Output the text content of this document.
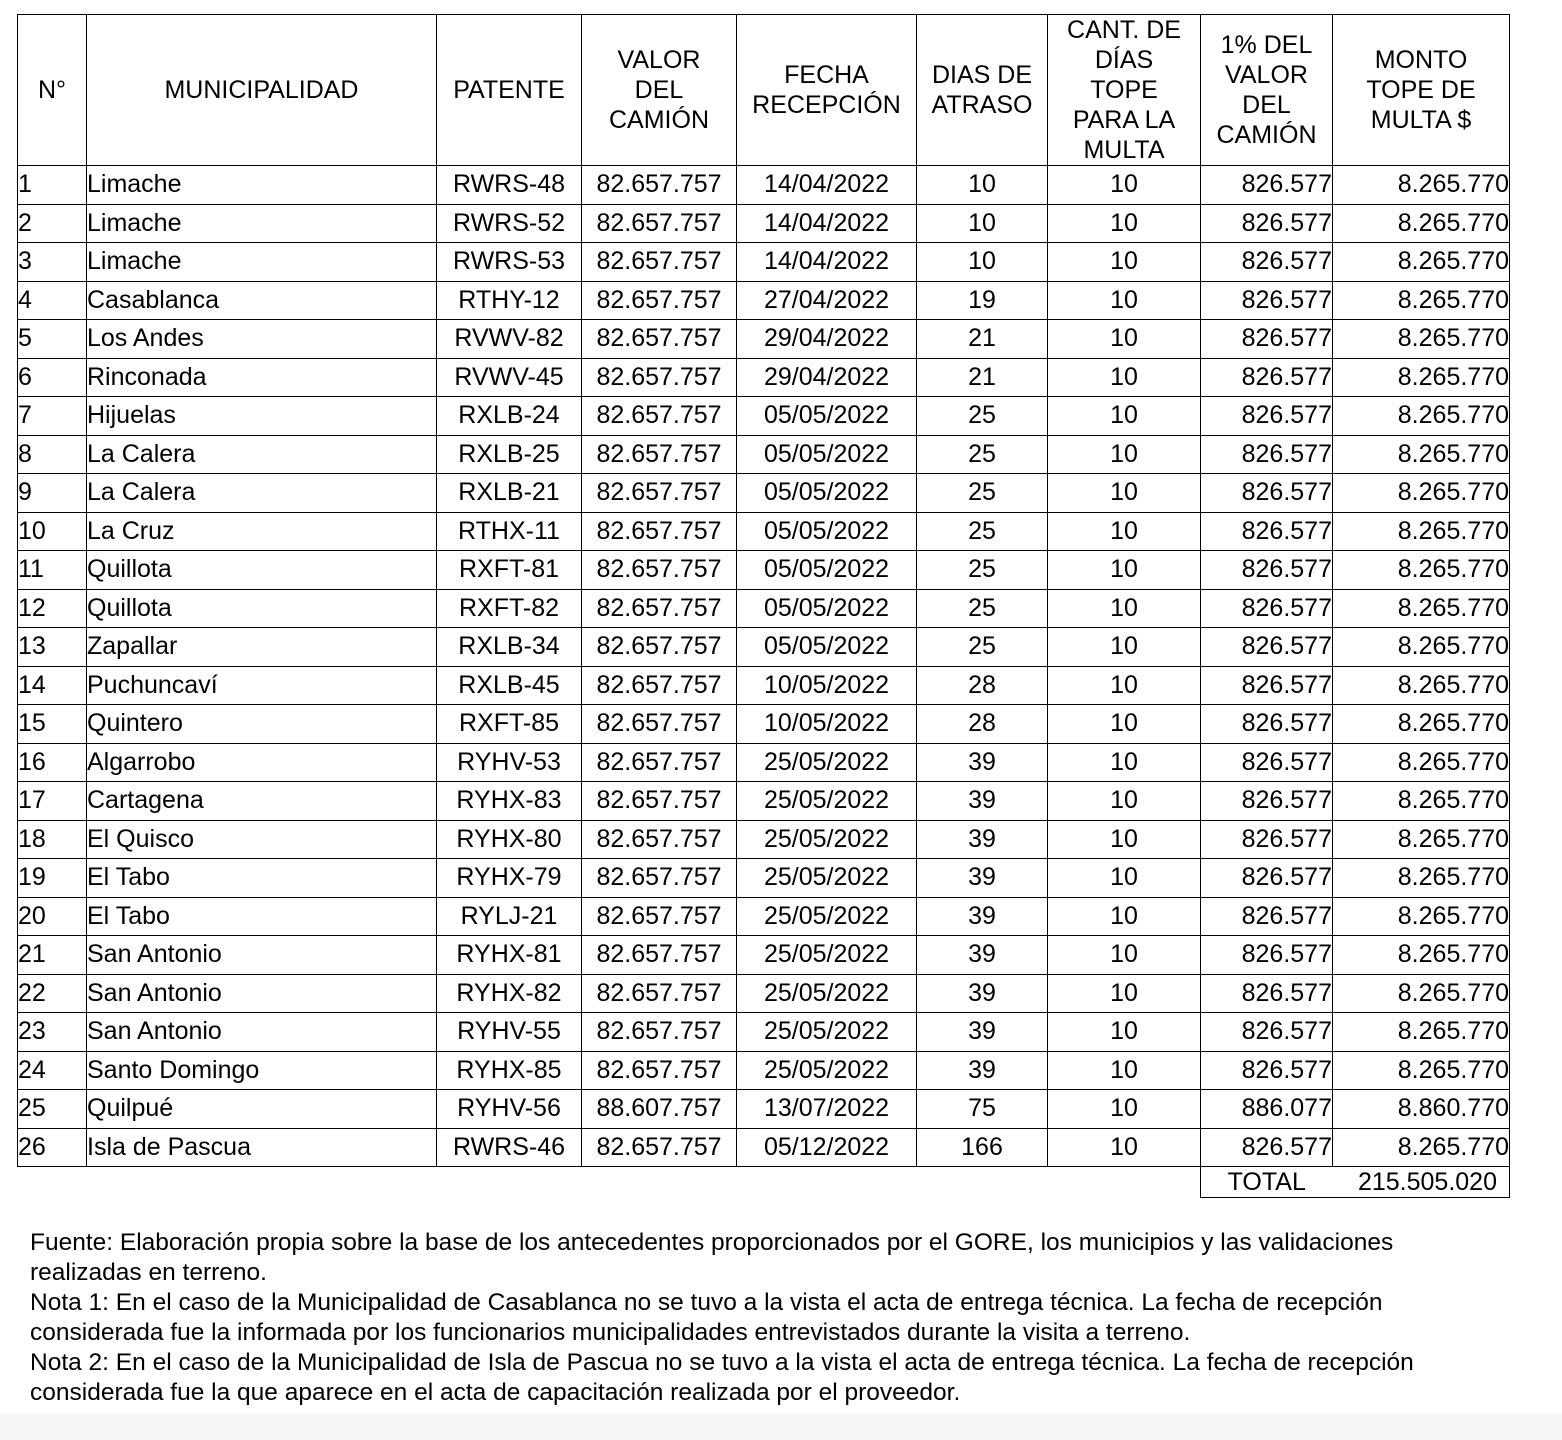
N°	MUNICIPALIDAD	PATENTE	VALOR DEL CAMIÓN	FECHA RECEPCIÓN	DIAS DE ATRASO	CANT. DE DÍAS TOPE PARA LA MULTA	1% DEL VALOR DEL CAMIÓN	MONTO TOPE DE MULTA $
1	Limache	RWRS-48	82.657.757	14/04/2022	10	10	826.577	8.265.770
2	Limache	RWRS-52	82.657.757	14/04/2022	10	10	826.577	8.265.770
3	Limache	RWRS-53	82.657.757	14/04/2022	10	10	826.577	8.265.770
4	Casablanca	RTHY-12	82.657.757	27/04/2022	19	10	826.577	8.265.770
5	Los Andes	RVWV-82	82.657.757	29/04/2022	21	10	826.577	8.265.770
6	Rinconada	RVWV-45	82.657.757	29/04/2022	21	10	826.577	8.265.770
7	Hijuelas	RXLB-24	82.657.757	05/05/2022	25	10	826.577	8.265.770
8	La Calera	RXLB-25	82.657.757	05/05/2022	25	10	826.577	8.265.770
9	La Calera	RXLB-21	82.657.757	05/05/2022	25	10	826.577	8.265.770
10	La Cruz	RTHX-11	82.657.757	05/05/2022	25	10	826.577	8.265.770
11	Quillota	RXFT-81	82.657.757	05/05/2022	25	10	826.577	8.265.770
12	Quillota	RXFT-82	82.657.757	05/05/2022	25	10	826.577	8.265.770
13	Zapallar	RXLB-34	82.657.757	05/05/2022	25	10	826.577	8.265.770
14	Puchuncaví	RXLB-45	82.657.757	10/05/2022	28	10	826.577	8.265.770
15	Quintero	RXFT-85	82.657.757	10/05/2022	28	10	826.577	8.265.770
16	Algarrobo	RYHV-53	82.657.757	25/05/2022	39	10	826.577	8.265.770
17	Cartagena	RYHX-83	82.657.757	25/05/2022	39	10	826.577	8.265.770
18	El Quisco	RYHX-80	82.657.757	25/05/2022	39	10	826.577	8.265.770
19	El Tabo	RYHX-79	82.657.757	25/05/2022	39	10	826.577	8.265.770
20	El Tabo	RYLJ-21	82.657.757	25/05/2022	39	10	826.577	8.265.770
21	San Antonio	RYHX-81	82.657.757	25/05/2022	39	10	826.577	8.265.770
22	San Antonio	RYHX-82	82.657.757	25/05/2022	39	10	826.577	8.265.770
23	San Antonio	RYHV-55	82.657.757	25/05/2022	39	10	826.577	8.265.770
24	Santo Domingo	RYHX-85	82.657.757	25/05/2022	39	10	826.577	8.265.770
25	Quilpué	RYHV-56	88.607.757	13/07/2022	75	10	886.077	8.860.770
26	Isla de Pascua	RWRS-46	82.657.757	05/12/2022	166	10	826.577	8.265.770
							TOTAL	215.505.020

Fuente: Elaboración propia sobre la base de los antecedentes proporcionados por el GORE, los municipios y las validaciones realizadas en terreno.

Nota 1: En el caso de la Municipalidad de Casablanca no se tuvo a la vista el acta de entrega técnica. La fecha de recepción considerada fue la informada por los funcionarios municipalidades entrevistados durante la visita a terreno.

Nota 2: En el caso de la Municipalidad de Isla de Pascua no se tuvo a la vista el acta de entrega técnica. La fecha de recepción considerada fue la que aparece en el acta de capacitación realizada por el proveedor.
